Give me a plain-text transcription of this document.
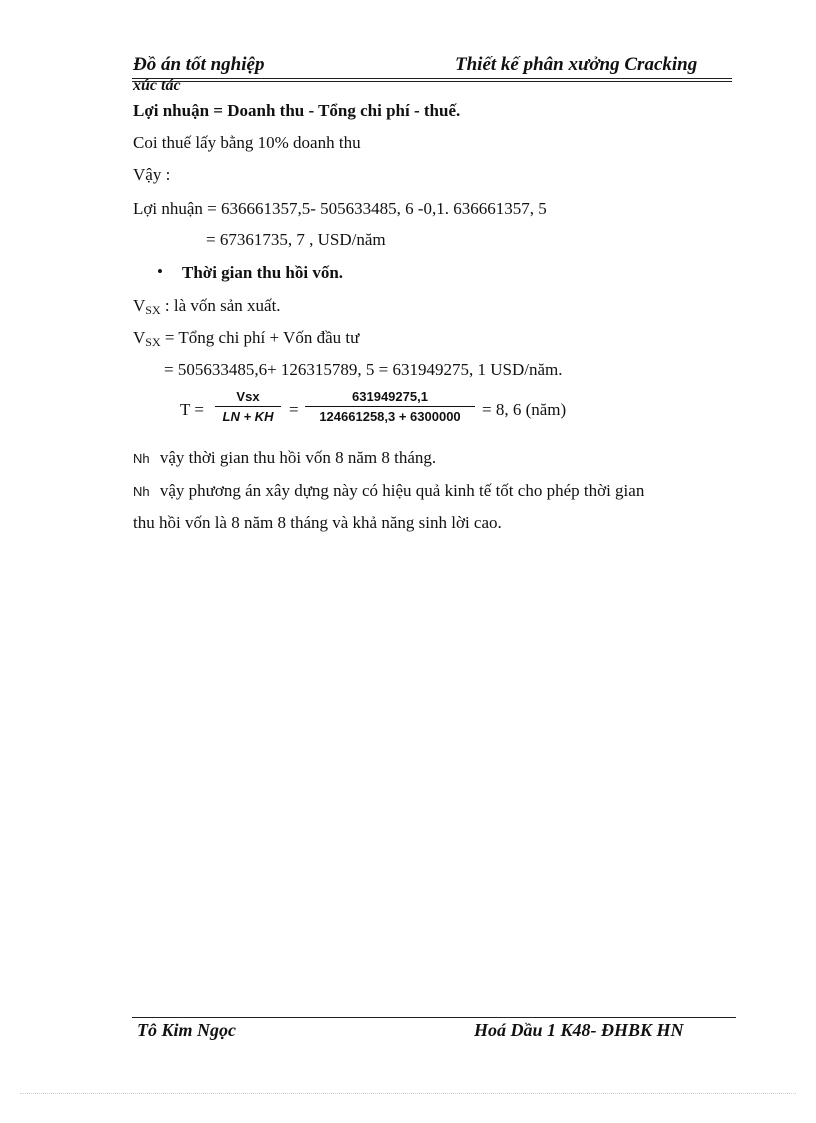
Đồ án tốt nghiệp	Thiết kế phân xưởng Cracking
xúc tác
Lợi nhuận = Doanh thu - Tổng chi phí - thuế.
Coi thuế lấy bằng 10% doanh thu
Vậy :
Lợi nhuận = 636661357,5- 505633485, 6 -0,1. 636661357, 5
= 67361735, 7 , USD/năm
• Thời gian thu hồi vốn.
$V_{SX}$ : là vốn sản xuất.
$V_{SX}$ = Tổng chi phí + Vốn đầu tư
= 505633485,6+ 126315789, 5 = 631949275, 1 USD/năm.
T =
Vsx
LN + KH =
631949275,1
124661258,3 + 6300000	= 8, 6 (năm)
Nh vậy thời gian thu hồi vốn 8 năm 8 tháng.
Nh vậy phương án xây dựng này có hiệu quả kinh tế tốt cho phép thời gian
thu hồi vốn là 8 năm 8 tháng và khả năng sinh lời cao.
Tô Kim Ngọc	Hoá Dầu 1 K48- ĐHBK HN
